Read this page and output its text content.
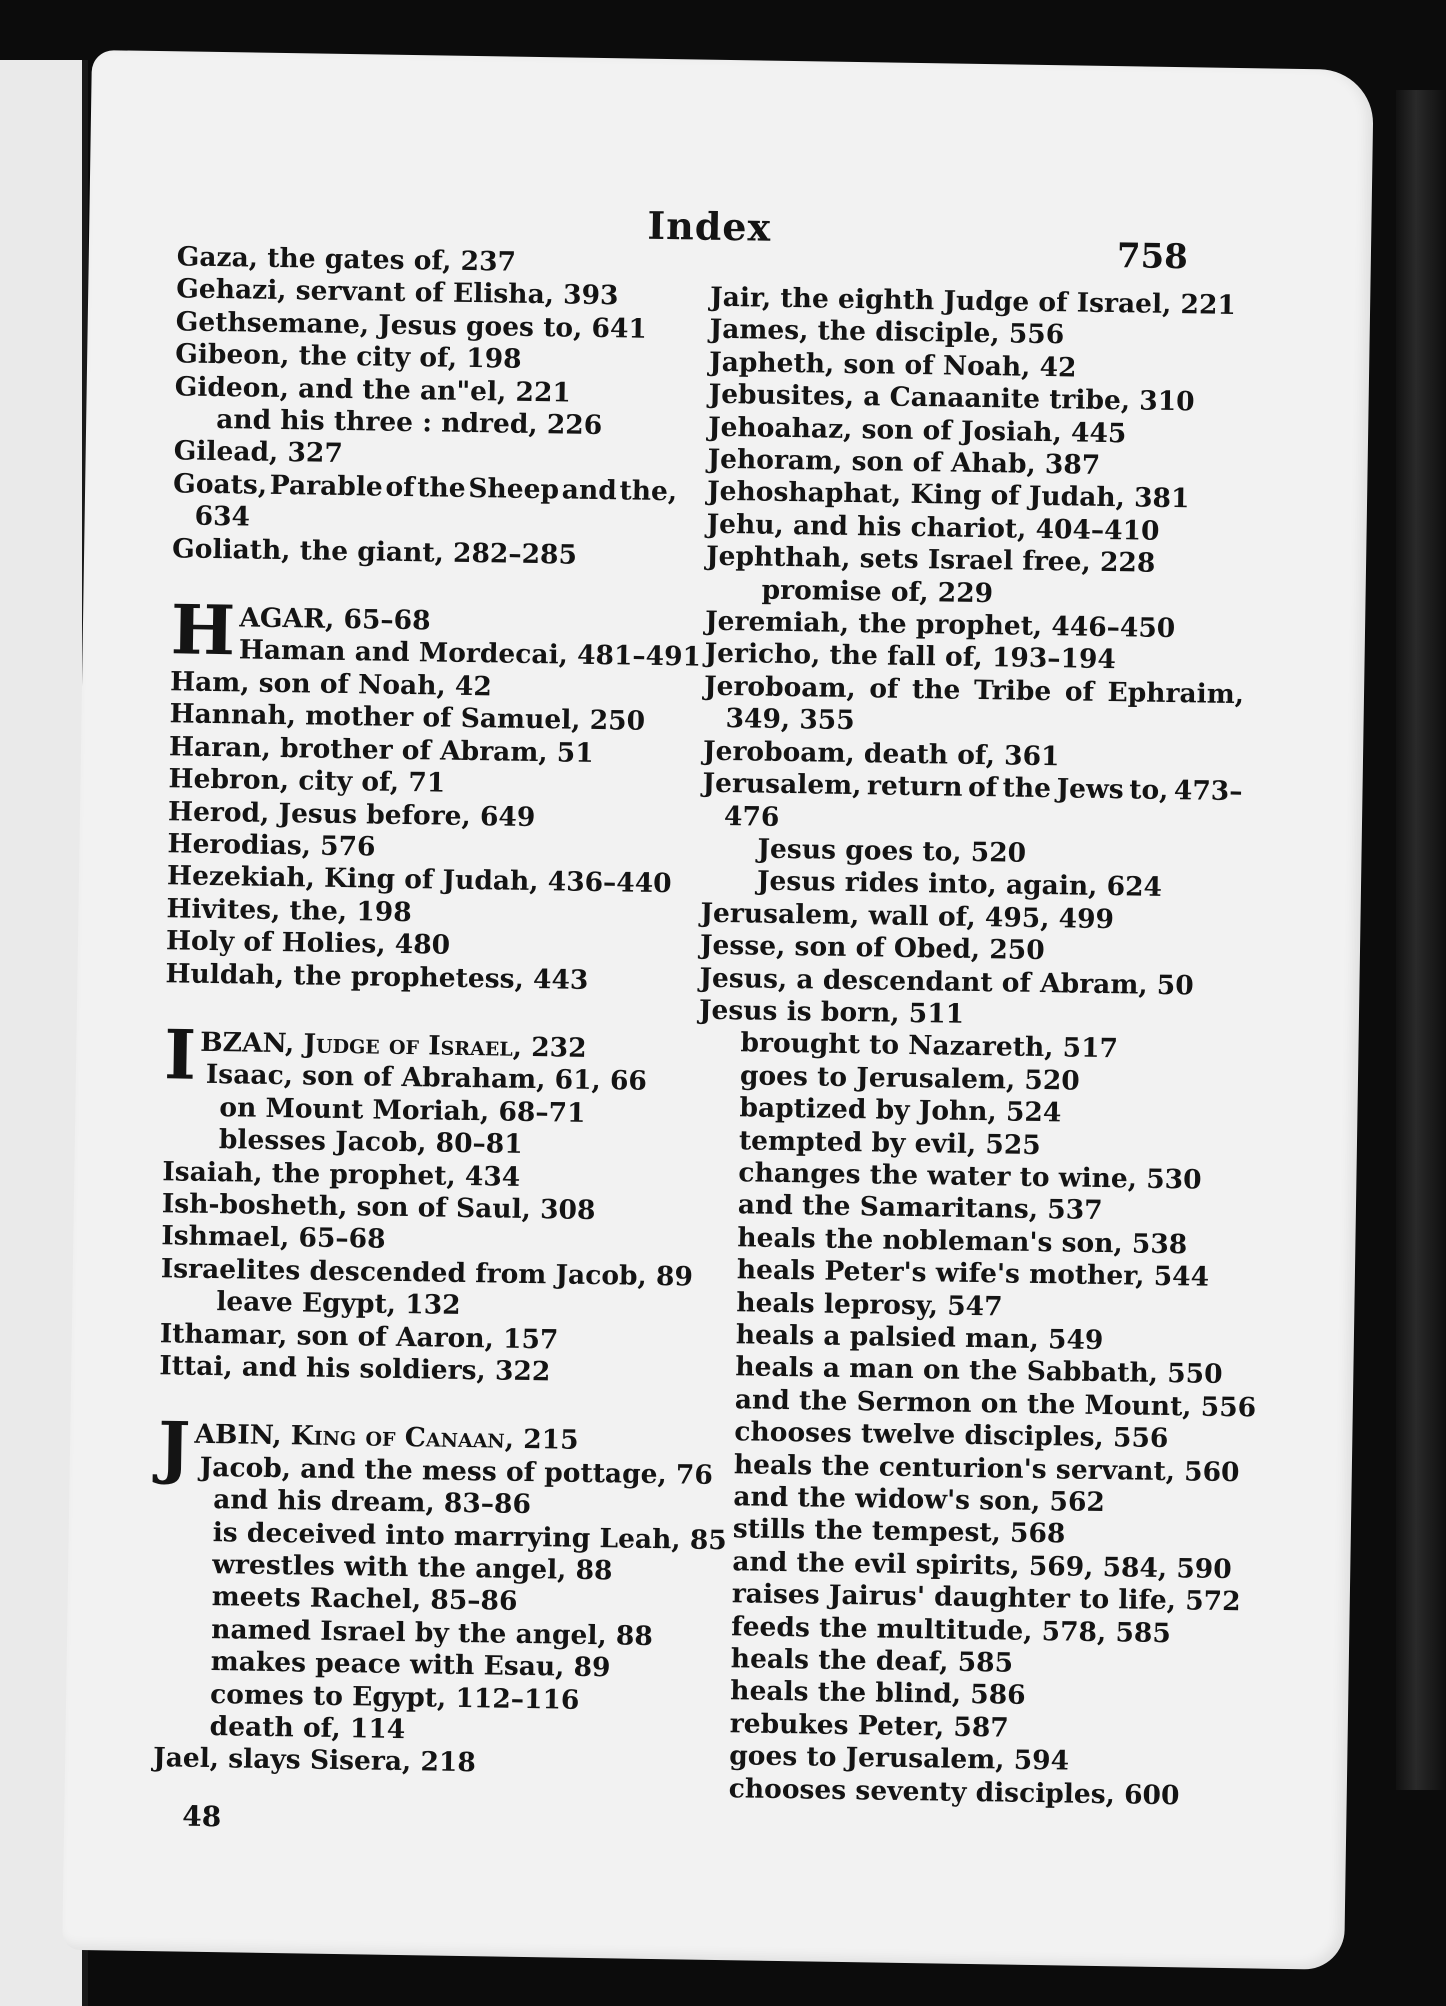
Index
758
Gaza, the gates of, 237
Gehazi, servant of Elisha, 393
Gethsemane, Jesus goes to, 641
Gibeon, the city of, 198
Gideon, and the an"el, 221
and his three : ndred, 226
Gilead, 327
Goats, Parable of the Sheep and the,
634
Goliath, the giant, 282–285
HAGAR, 65–68
Haman and Mordecai, 481–491
Ham, son of Noah, 42
Hannah, mother of Samuel, 250
Haran, brother of Abram, 51
Hebron, city of, 71
Herod, Jesus before, 649
Herodias, 576
Hezekiah, King of Judah, 436–440
Hivites, the, 198
Holy of Holies, 480
Huldah, the prophetess, 443
IBZAN, Judge of Israel, 232
Isaac, son of Abraham, 61, 66
on Mount Moriah, 68–71
blesses Jacob, 80–81
Isaiah, the prophet, 434
Ish-bosheth, son of Saul, 308
Ishmael, 65–68
Israelites descended from Jacob, 89
leave Egypt, 132
Ithamar, son of Aaron, 157
Ittai, and his soldiers, 322
JABIN, King of Canaan, 215
Jacob, and the mess of pottage, 76
and his dream, 83–86
is deceived into marrying Leah, 85
wrestles with the angel, 88
meets Rachel, 85–86
named Israel by the angel, 88
makes peace with Esau, 89
comes to Egypt, 112–116
death of, 114
Jael, slays Sisera, 218
Jair, the eighth Judge of Israel, 221
James, the disciple, 556
Japheth, son of Noah, 42
Jebusites, a Canaanite tribe, 310
Jehoahaz, son of Josiah, 445
Jehoram, son of Ahab, 387
Jehoshaphat, King of Judah, 381
Jehu, and his chariot, 404–410
Jephthah, sets Israel free, 228
promise of, 229
Jeremiah, the prophet, 446–450
Jericho, the fall of, 193–194
Jeroboam, of the Tribe of Ephraim,
349, 355
Jeroboam, death of, 361
Jerusalem, return of the Jews to, 473–
476
Jesus goes to, 520
Jesus rides into, again, 624
Jerusalem, wall of, 495, 499
Jesse, son of Obed, 250
Jesus, a descendant of Abram, 50
Jesus is born, 511
brought to Nazareth, 517
goes to Jerusalem, 520
baptized by John, 524
tempted by evil, 525
changes the water to wine, 530
and the Samaritans, 537
heals the nobleman's son, 538
heals Peter's wife's mother, 544
heals leprosy, 547
heals a palsied man, 549
heals a man on the Sabbath, 550
and the Sermon on the Mount, 556
chooses twelve disciples, 556
heals the centurion's servant, 560
and the widow's son, 562
stills the tempest, 568
and the evil spirits, 569, 584, 590
raises Jairus' daughter to life, 572
feeds the multitude, 578, 585
heals the deaf, 585
heals the blind, 586
rebukes Peter, 587
goes to Jerusalem, 594
chooses seventy disciples, 600
48
